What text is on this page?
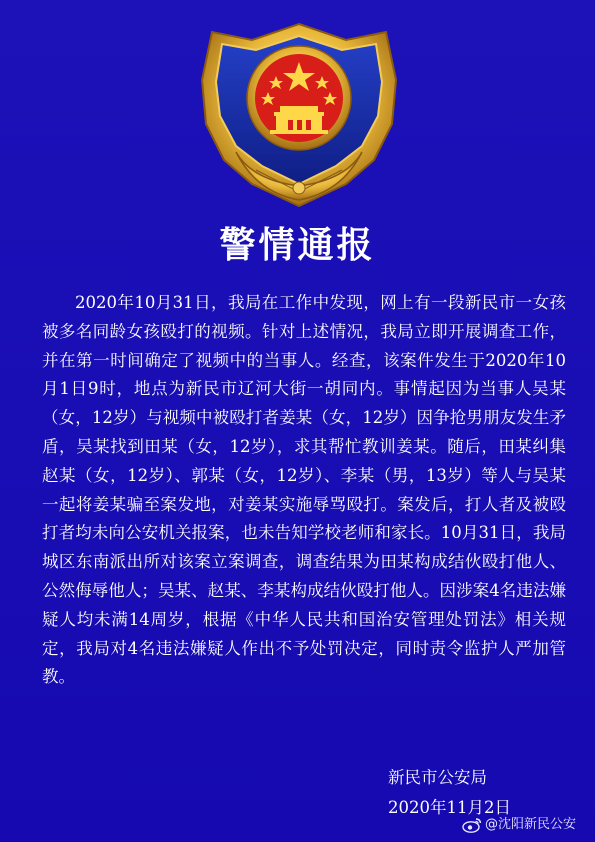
警情通报

2020年10月31日，我局在工作中发现，网上有一段新民市一女孩被多名同龄女孩殴打的视频。针对上述情况，我局立即开展调查工作，并在第一时间确定了视频中的当事人。经查，该案件发生于2020年10月1日9时，地点为新民市辽河大街一胡同内。事情起因为当事人吴某（女，12岁）与视频中被殴打者姜某（女，12岁）因争抢男朋友发生矛盾，吴某找到田某（女，12岁），求其帮忙教训姜某。随后，田某纠集赵某（女，12岁）、郭某（女，12岁）、李某（男，13岁）等人与吴某一起将姜某骗至案发地，对姜某实施辱骂殴打。案发后，打人者及被殴打者均未向公安机关报案，也未告知学校老师和家长。10月31日，我局城区东南派出所对该案立案调查，调查结果为田某构成结伙殴打他人、公然侮辱他人；吴某、赵某、李某构成结伙殴打他人。因涉案4名违法嫌疑人均未满14周岁，根据《中华人民共和国治安管理处罚法》相关规定，我局对4名违法嫌疑人作出不予处罚决定，同时责令监护人严加管教。

新民市公安局
2020年11月2日
@沈阳新民公安
